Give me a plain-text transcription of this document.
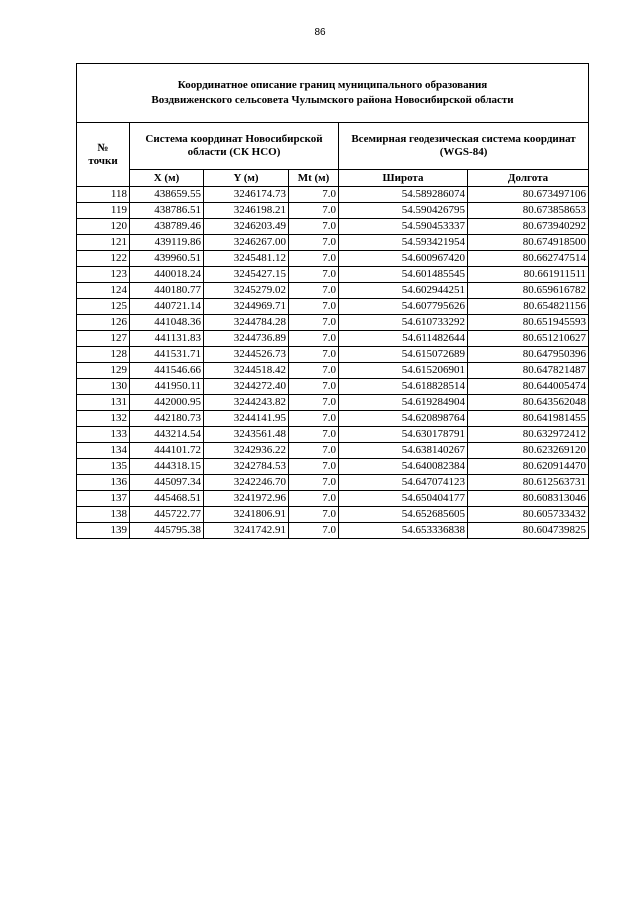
86
Координатное описание границ муниципального образования
Воздвиженского сельсовета Чулымского района Новосибирской области					
№
точки	Система координат Новосибирской области (СК НСО)			Всемирная геодезическая система координат (WGS-84)	
	X (м)	Y (м)	Mt (м)	Широта	Долгота
118	438659.55	3246174.73	7.0	54.589286074	80.673497106
119	438786.51	3246198.21	7.0	54.590426795	80.673858653
120	438789.46	3246203.49	7.0	54.590453337	80.673940292
121	439119.86	3246267.00	7.0	54.593421954	80.674918500
122	439960.51	3245481.12	7.0	54.600967420	80.662747514
123	440018.24	3245427.15	7.0	54.601485545	80.661911511
124	440180.77	3245279.02	7.0	54.602944251	80.659616782
125	440721.14	3244969.71	7.0	54.607795626	80.654821156
126	441048.36	3244784.28	7.0	54.610733292	80.651945593
127	441131.83	3244736.89	7.0	54.611482644	80.651210627
128	441531.71	3244526.73	7.0	54.615072689	80.647950396
129	441546.66	3244518.42	7.0	54.615206901	80.647821487
130	441950.11	3244272.40	7.0	54.618828514	80.644005474
131	442000.95	3244243.82	7.0	54.619284904	80.643562048
132	442180.73	3244141.95	7.0	54.620898764	80.641981455
133	443214.54	3243561.48	7.0	54.630178791	80.632972412
134	444101.72	3242936.22	7.0	54.638140267	80.623269120
135	444318.15	3242784.53	7.0	54.640082384	80.620914470
136	445097.34	3242246.70	7.0	54.647074123	80.612563731
137	445468.51	3241972.96	7.0	54.650404177	80.608313046
138	445722.77	3241806.91	7.0	54.652685605	80.605733432
139	445795.38	3241742.91	7.0	54.653336838	80.604739825
